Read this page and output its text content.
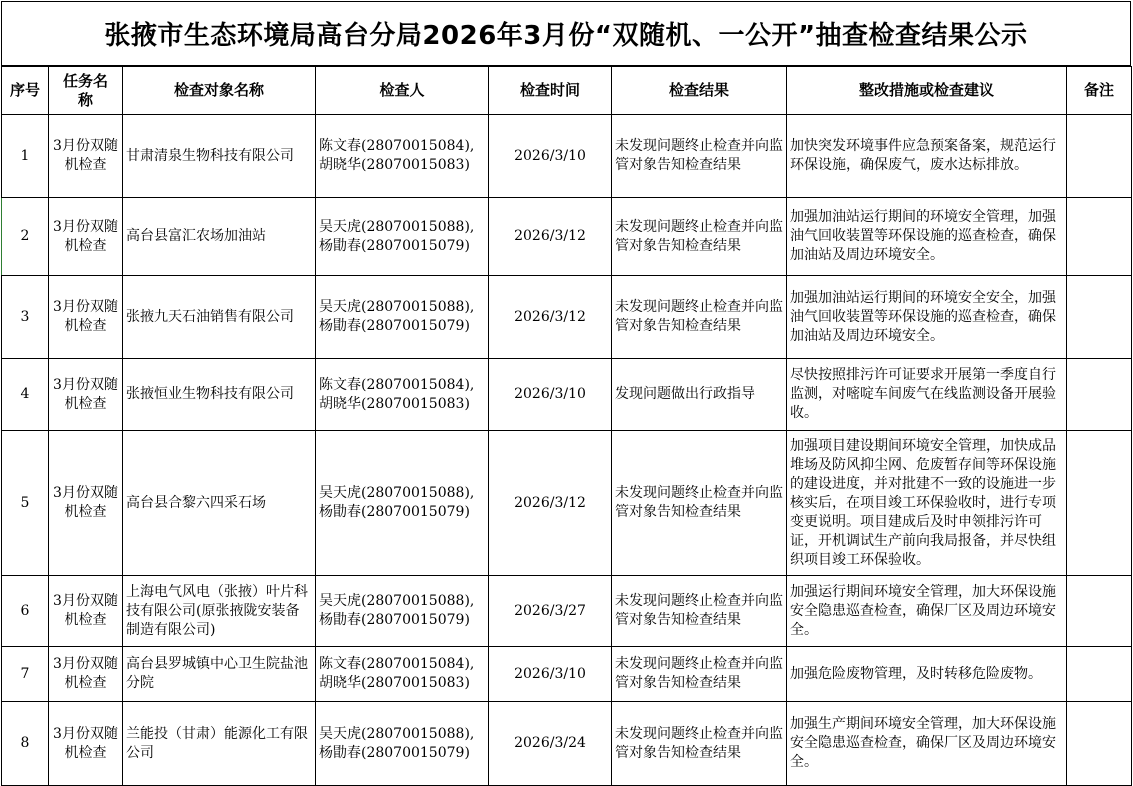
张掖市生态环境局高台分局2026年3月份“双随机、一公开”抽查检查结果公示
序号	任务名称	检查对象名称	检查人	检查时间	检查结果	整改措施或检查建议	备注
1	3月份双随机检查	甘肃清泉生物科技有限公司	陈文春(28070015084),胡晓华(28070015083)	2026/3/10	未发现问题终止检查并向监管对象告知检查结果	加快突发环境事件应急预案备案，规范运行环保设施，确保废气，废水达标排放。	
2	3月份双随机检查	高台县富汇农场加油站	吴天虎(28070015088),杨勖春(28070015079)	2026/3/12	未发现问题终止检查并向监管对象告知检查结果	加强加油站运行期间的环境安全管理，加强油气回收装置等环保设施的巡查检查，确保加油站及周边环境安全。	
3	3月份双随机检查	张掖九天石油销售有限公司	吴天虎(28070015088),杨勖春(28070015079)	2026/3/12	未发现问题终止检查并向监管对象告知检查结果	加强加油站运行期间的环境安全安全，加强油气回收装置等环保设施的巡查检查，确保加油站及周边环境安全。	
4	3月份双随机检查	张掖恒业生物科技有限公司	陈文春(28070015084),胡晓华(28070015083)	2026/3/10	发现问题做出行政指导	尽快按照排污许可证要求开展第一季度自行监测，对嘧啶车间废气在线监测设备开展验收。	
5	3月份双随机检查	高台县合黎六四采石场	吴天虎(28070015088),杨勖春(28070015079)	2026/3/12	未发现问题终止检查并向监管对象告知检查结果	加强项目建设期间环境安全管理，加快成品堆场及防风抑尘网、危废暂存间等环保设施的建设进度，并对批建不一致的设施进一步核实后，在项目竣工环保验收时，进行专项变更说明。项目建成后及时申领排污许可证，开机调试生产前向我局报备，并尽快组织项目竣工环保验收。	
6	3月份双随机检查	上海电气风电（张掖）叶片科技有限公司(原张掖陇安装备制造有限公司)	吴天虎(28070015088),杨勖春(28070015079)	2026/3/27	未发现问题终止检查并向监管对象告知检查结果	加强运行期间环境安全管理，加大环保设施安全隐患巡查检查，确保厂区及周边环境安全。	
7	3月份双随机检查	高台县罗城镇中心卫生院盐池分院	陈文春(28070015084),胡晓华(28070015083)	2026/3/10	未发现问题终止检查并向监管对象告知检查结果	加强危险废物管理，及时转移危险废物。	
8	3月份双随机检查	兰能投（甘肃）能源化工有限公司	吴天虎(28070015088),杨勖春(28070015079)	2026/3/24	未发现问题终止检查并向监管对象告知检查结果	加强生产期间环境安全管理，加大环保设施安全隐患巡查检查，确保厂区及周边环境安全。	
